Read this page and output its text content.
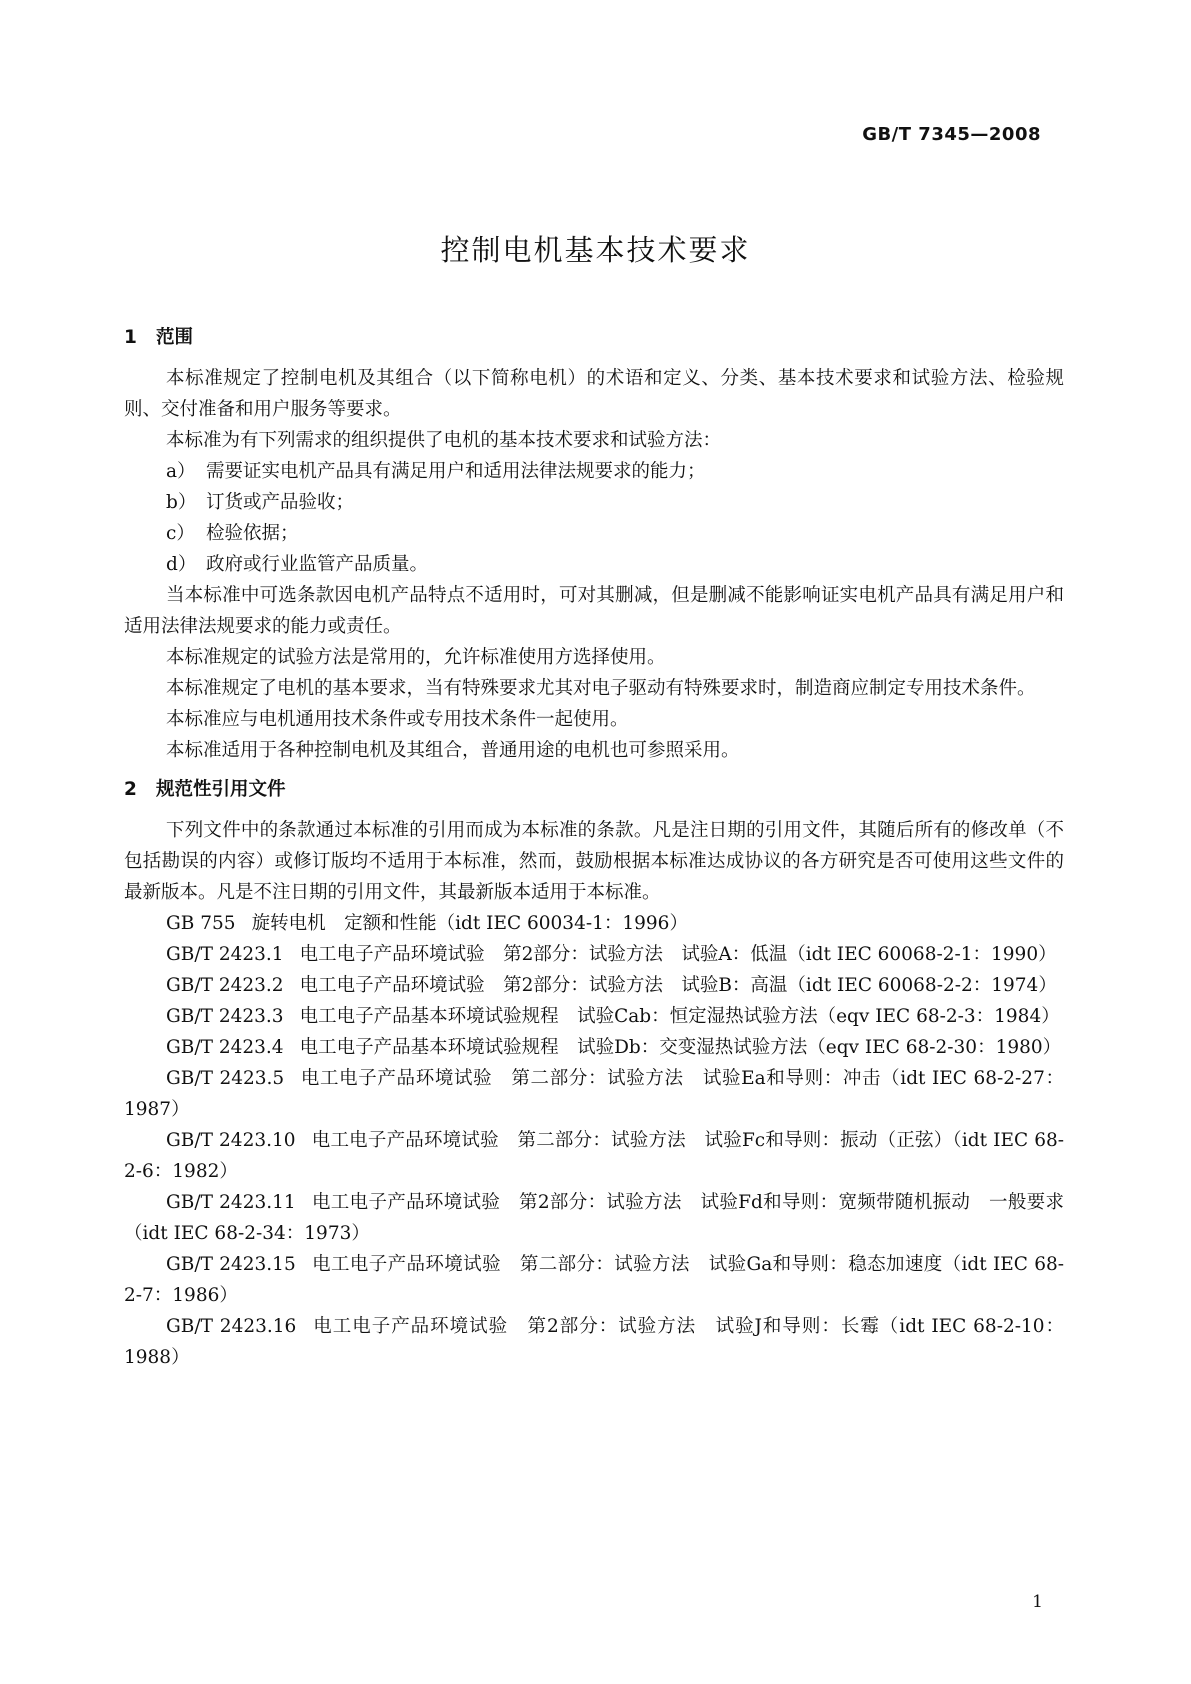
GB/T 7345—2008
控制电机基本技术要求
1 范围

本标准规定了控制电机及其组合（以下简称电机）的术语和定义、分类、基本技术要求和试验方法、检验规则、交付准备和用户服务等要求。

本标准为有下列需求的组织提供了电机的基本技术要求和试验方法：

a） 需要证实电机产品具有满足用户和适用法律法规要求的能力；

b） 订货或产品验收；

c） 检验依据；

d） 政府或行业监管产品质量。

当本标准中可选条款因电机产品特点不适用时，可对其删减，但是删减不能影响证实电机产品具有满足用户和适用法律法规要求的能力或责任。

本标准规定的试验方法是常用的，允许标准使用方选择使用。

本标准规定了电机的基本要求，当有特殊要求尤其对电子驱动有特殊要求时，制造商应制定专用技术条件。

本标准应与电机通用技术条件或专用技术条件一起使用。

本标准适用于各种控制电机及其组合，普通用途的电机也可参照采用。

2 规范性引用文件

下列文件中的条款通过本标准的引用而成为本标准的条款。凡是注日期的引用文件，其随后所有的修改单（不包括勘误的内容）或修订版均不适用于本标准，然而，鼓励根据本标准达成协议的各方研究是否可使用这些文件的最新版本。凡是不注日期的引用文件，其最新版本适用于本标准。

GB 755 旋转电机　定额和性能（idt IEC 60034-1：1996）

GB/T 2423.1 电工电子产品环境试验　第2部分：试验方法　试验A：低温（idt IEC 60068-2-1：1990）

GB/T 2423.2 电工电子产品环境试验　第2部分：试验方法　试验B：高温（idt IEC 60068-2-2：1974）

GB/T 2423.3 电工电子产品基本环境试验规程　试验Cab：恒定湿热试验方法（eqv IEC 68-2-3：1984）

GB/T 2423.4 电工电子产品基本环境试验规程　试验Db：交变湿热试验方法（eqv IEC 68-2-30：1980）

GB/T 2423.5 电工电子产品环境试验　第二部分：试验方法　试验Ea和导则：冲击（idt IEC 68-2-27：1987）

GB/T 2423.10 电工电子产品环境试验　第二部分：试验方法　试验Fc和导则：振动（正弦）（idt IEC 68-2-6：1982）

GB/T 2423.11 电工电子产品环境试验　第2部分：试验方法　试验Fd和导则：宽频带随机振动　一般要求（idt IEC 68-2-34：1973）

GB/T 2423.15 电工电子产品环境试验　第二部分：试验方法　试验Ga和导则：稳态加速度（idt IEC 68-2-7：1986）

GB/T 2423.16 电工电子产品环境试验　第2部分：试验方法　试验J和导则：长霉（idt IEC 68-2-10：1988）

1
